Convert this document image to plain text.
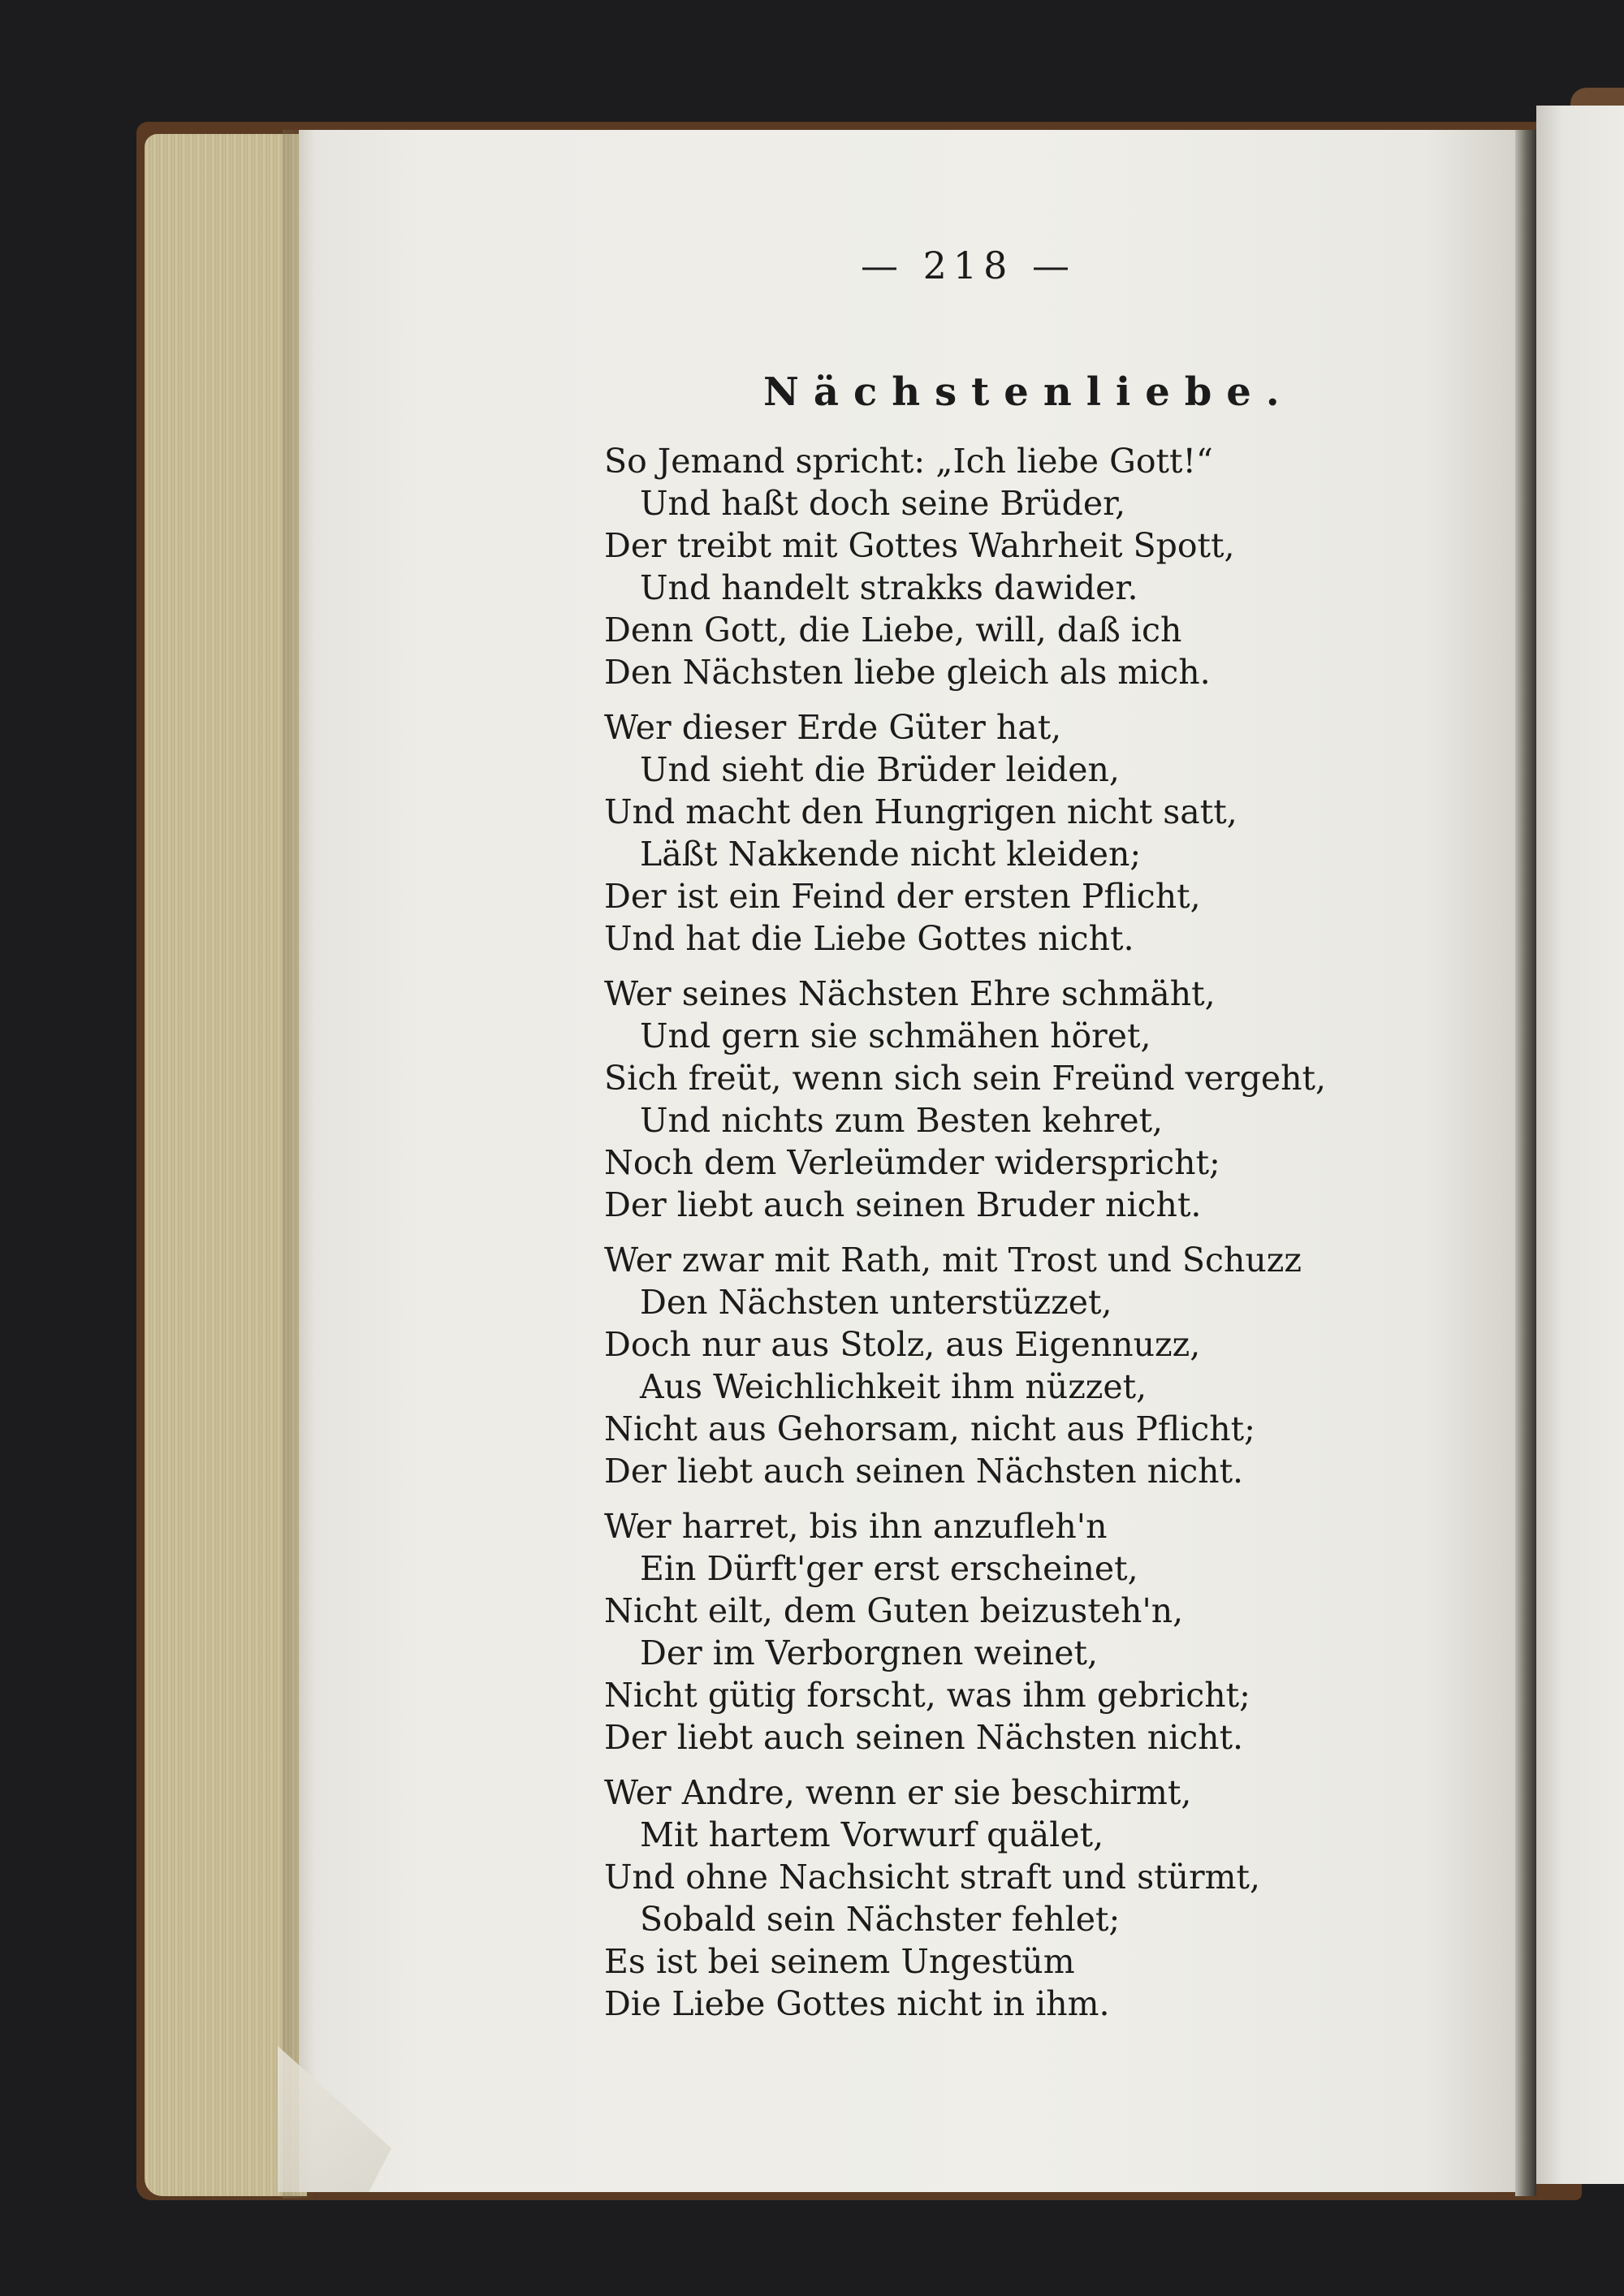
— 218 —
Nächstenliebe.
So Jemand spricht: „Ich liebe Gott!“
Und haßt doch seine Brüder,
Der treibt mit Gottes Wahrheit Spott,
Und handelt strakks dawider.
Denn Gott, die Liebe, will, daß ich
Den Nächsten liebe gleich als mich.
Wer dieser Erde Güter hat,
Und sieht die Brüder leiden,
Und macht den Hungrigen nicht satt,
Läßt Nakkende nicht kleiden;
Der ist ein Feind der ersten Pflicht,
Und hat die Liebe Gottes nicht.
Wer seines Nächsten Ehre schmäht,
Und gern sie schmähen höret,
Sich freüt, wenn sich sein Freünd vergeht,
Und nichts zum Besten kehret,
Noch dem Verleümder widerspricht;
Der liebt auch seinen Bruder nicht.
Wer zwar mit Rath, mit Trost und Schuzz
Den Nächsten unterstüzzet,
Doch nur aus Stolz, aus Eigennuzz,
Aus Weichlichkeit ihm nüzzet,
Nicht aus Gehorsam, nicht aus Pflicht;
Der liebt auch seinen Nächsten nicht.
Wer harret, bis ihn anzufleh'n
Ein Dürft'ger erst erscheinet,
Nicht eilt, dem Guten beizusteh'n,
Der im Verborgnen weinet,
Nicht gütig forscht, was ihm gebricht;
Der liebt auch seinen Nächsten nicht.
Wer Andre, wenn er sie beschirmt,
Mit hartem Vorwurf quälet,
Und ohne Nachsicht straft und stürmt,
Sobald sein Nächster fehlet;
Es ist bei seinem Ungestüm
Die Liebe Gottes nicht in ihm.
